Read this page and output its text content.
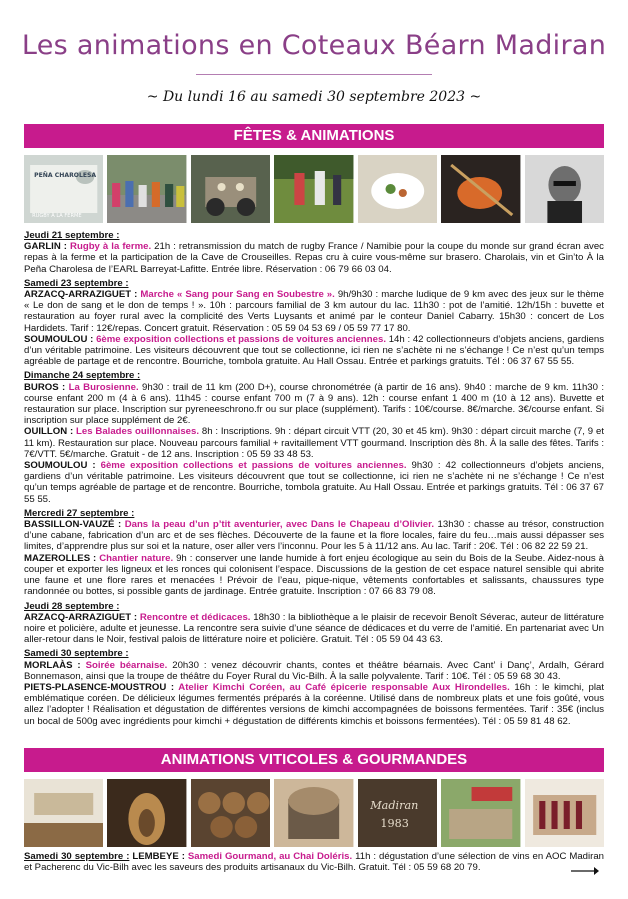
Les animations en Coteaux Béarn Madiran
~ Du lundi 16 au samedi 30 septembre 2023 ~
FÊTES & ANIMATIONS
PEÑA CHAROLESA
RUGBY À LA FERME
Jeudi 21 septembre :

GARLIN : Rugby à la ferme. 21h : retransmission du match de rugby France / Namibie pour la coupe du monde sur grand écran avec repas à la ferme et la participation de la Cave de Crouseilles. Repas cru à cuire vous-même sur brasero. Charolais, vin et Gin’to À la Peña Charolesa de l’EARL Barreyat-Lafitte. Entrée libre. Réservation : 06 79 66 03 04.

Samedi 23 septembre :

ARZACQ-ARRAZIGUET : Marche « Sang pour Sang en Soubestre ». 9h/9h30 : marche ludique de 9 km avec des jeux sur le thème « Le don de sang et le don de temps ! ». 10h : parcours familial de 3 km autour du lac. 11h30 : pot de l’amitié. 12h/15h : buvette et restauration au foyer rural avec la complicité des Verts Luysants et animé par le conteur Daniel Cabarry. 15h30 : concert de Los Hardidets. Tarif : 12€/repas. Concert gratuit. Réservation : 05 59 04 53 69 / 05 59 77 17 80.

SOUMOULOU : 6ème exposition collections et passions de voitures anciennes. 14h : 42 collectionneurs d’objets anciens, gardiens d’un véritable patrimoine. Les visiteurs découvrent que tout se collectionne, ici rien ne s’achète ni ne s’échange ! Ce n’est qu’un temps agréable de partage et de rencontre. Bourriche, tombola gratuite. Au Hall Ossau. Entrée et parkings gratuits. Tél : 06 37 67 55 55.

Dimanche 24 septembre :

BUROS : La Burosienne. 9h30 : trail de 11 km (200 D+), course chronométrée (à partir de 16 ans). 9h40 : marche de 9 km. 11h30 : course enfant 200 m (4 à 6 ans). 11h45 : course enfant 700 m (7 à 9 ans). 12h : course enfant 1 400 m (10 à 12 ans). Buvette et restauration sur place. Inscription sur pyreneeschrono.fr ou sur place (supplément). Tarifs : 10€/course. 8€/marche. 3€/course enfant. Si inscription sur place supplément de 2€.

OUILLON : Les Balades ouillonnaises. 8h : Inscriptions. 9h : départ circuit VTT (20, 30 et 45 km). 9h30 : départ circuit marche (7, 9 et 11 km). Restauration sur place. Nouveau parcours familial + ravitaillement VTT gourmand. Inscription dès 8h. À la salle des fêtes. Tarifs : 7€/VTT. 5€/marche. Gratuit - de 12 ans. Inscription : 05 59 33 48 53.

SOUMOULOU : 6ème exposition collections et passions de voitures anciennes. 9h30 : 42 collectionneurs d’objets anciens, gardiens d’un véritable patrimoine. Les visiteurs découvrent que tout se collectionne, ici rien ne s’achète ni ne s’échange ! Ce n’est qu’un temps agréable de partage et de rencontre. Bourriche, tombola gratuite. Au Hall Ossau. Entrée et parkings gratuits. Tél : 06 37 67 55 55.

Mercredi 27 septembre :

BASSILLON-VAUZÉ : Dans la peau d’un p’tit aventurier, avec Dans le Chapeau d’Olivier. 13h30 : chasse au trésor, construction d’une cabane, fabrication d’un arc et de ses flèches. Découverte de la faune et la flore locales, faire du feu…mais aussi dépasser ses limites, d’apprendre plus sur soi et la nature, oser aller vers l’inconnu. Pour les 5 à 11/12 ans. Au lac. Tarif : 20€. Tél : 06 82 22 59 21.

MAZEROLLES : Chantier nature. 9h : conserver une lande humide à fort enjeu écologique au sein du Bois de la Seube. Aidez-nous à couper et exporter les ligneux et les ronces qui colonisent l’espace. Discussions de la gestion de cet espace naturel sensible qui abrite une faune et une flore rares et menacées ! Prévoir de l’eau, pique-nique, vêtements confortables et salissants, chaussures type randonnée ou bottes, si possible gants de jardinage. Entrée gratuite. Inscription : 07 66 83 79 08.

Jeudi 28 septembre :

ARZACQ-ARRAZIGUET : Rencontre et dédicaces. 18h30 : la bibliothèque a le plaisir de recevoir Benoît Séverac, auteur de littérature noire et policière, adulte et jeunesse. La rencontre sera suivie d’une séance de dédicaces et du verre de l’amitié. En partenariat avec Un aller-retour dans le Noir, festival palois de littérature noire et policière. Gratuit. Tél : 05 59 04 43 63.

Samedi 30 septembre :

MORLAÀS : Soirée béarnaise. 20h30 : venez découvrir chants, contes et théâtre béarnais. Avec Cant’ i Danç’, Ardalh, Gérard Bonnemason, ainsi que la troupe de théâtre du Foyer Rural du Vic-Bilh. À la salle polyvalente. Tarif : 10€. Tél : 05 59 68 30 43.

PIETS-PLASENCE-MOUSTROU : Atelier Kimchi Coréen, au Café épicerie responsable Aux Hirondelles. 16h : le kimchi, plat emblématique coréen. De délicieux légumes fermentés préparés à la coréenne. Utilisé dans de nombreux plats et une fois goûté, vous allez l’adopter ! Réalisation et dégustation de différentes versions de kimchi accompagnées de boissons fermentées. Tarif : 35€ (inclus un bocal de 500g avec ingrédients pour kimchi + dégustation de différents kimchis et boissons fermentées). Tél : 05 59 81 48 62.

ANIMATIONS VITICOLES & GOURMANDES
Madiran
1983

Samedi 30 septembre : LEMBEYE : Samedi Gourmand, au Chai Doléris. 11h : dégustation d’une sélection de vins en AOC Madiran et Pacherenc du Vic-Bilh avec les saveurs des produits artisanaux du Vic-Bilh. Gratuit. Tél : 05 59 68 20 79.
